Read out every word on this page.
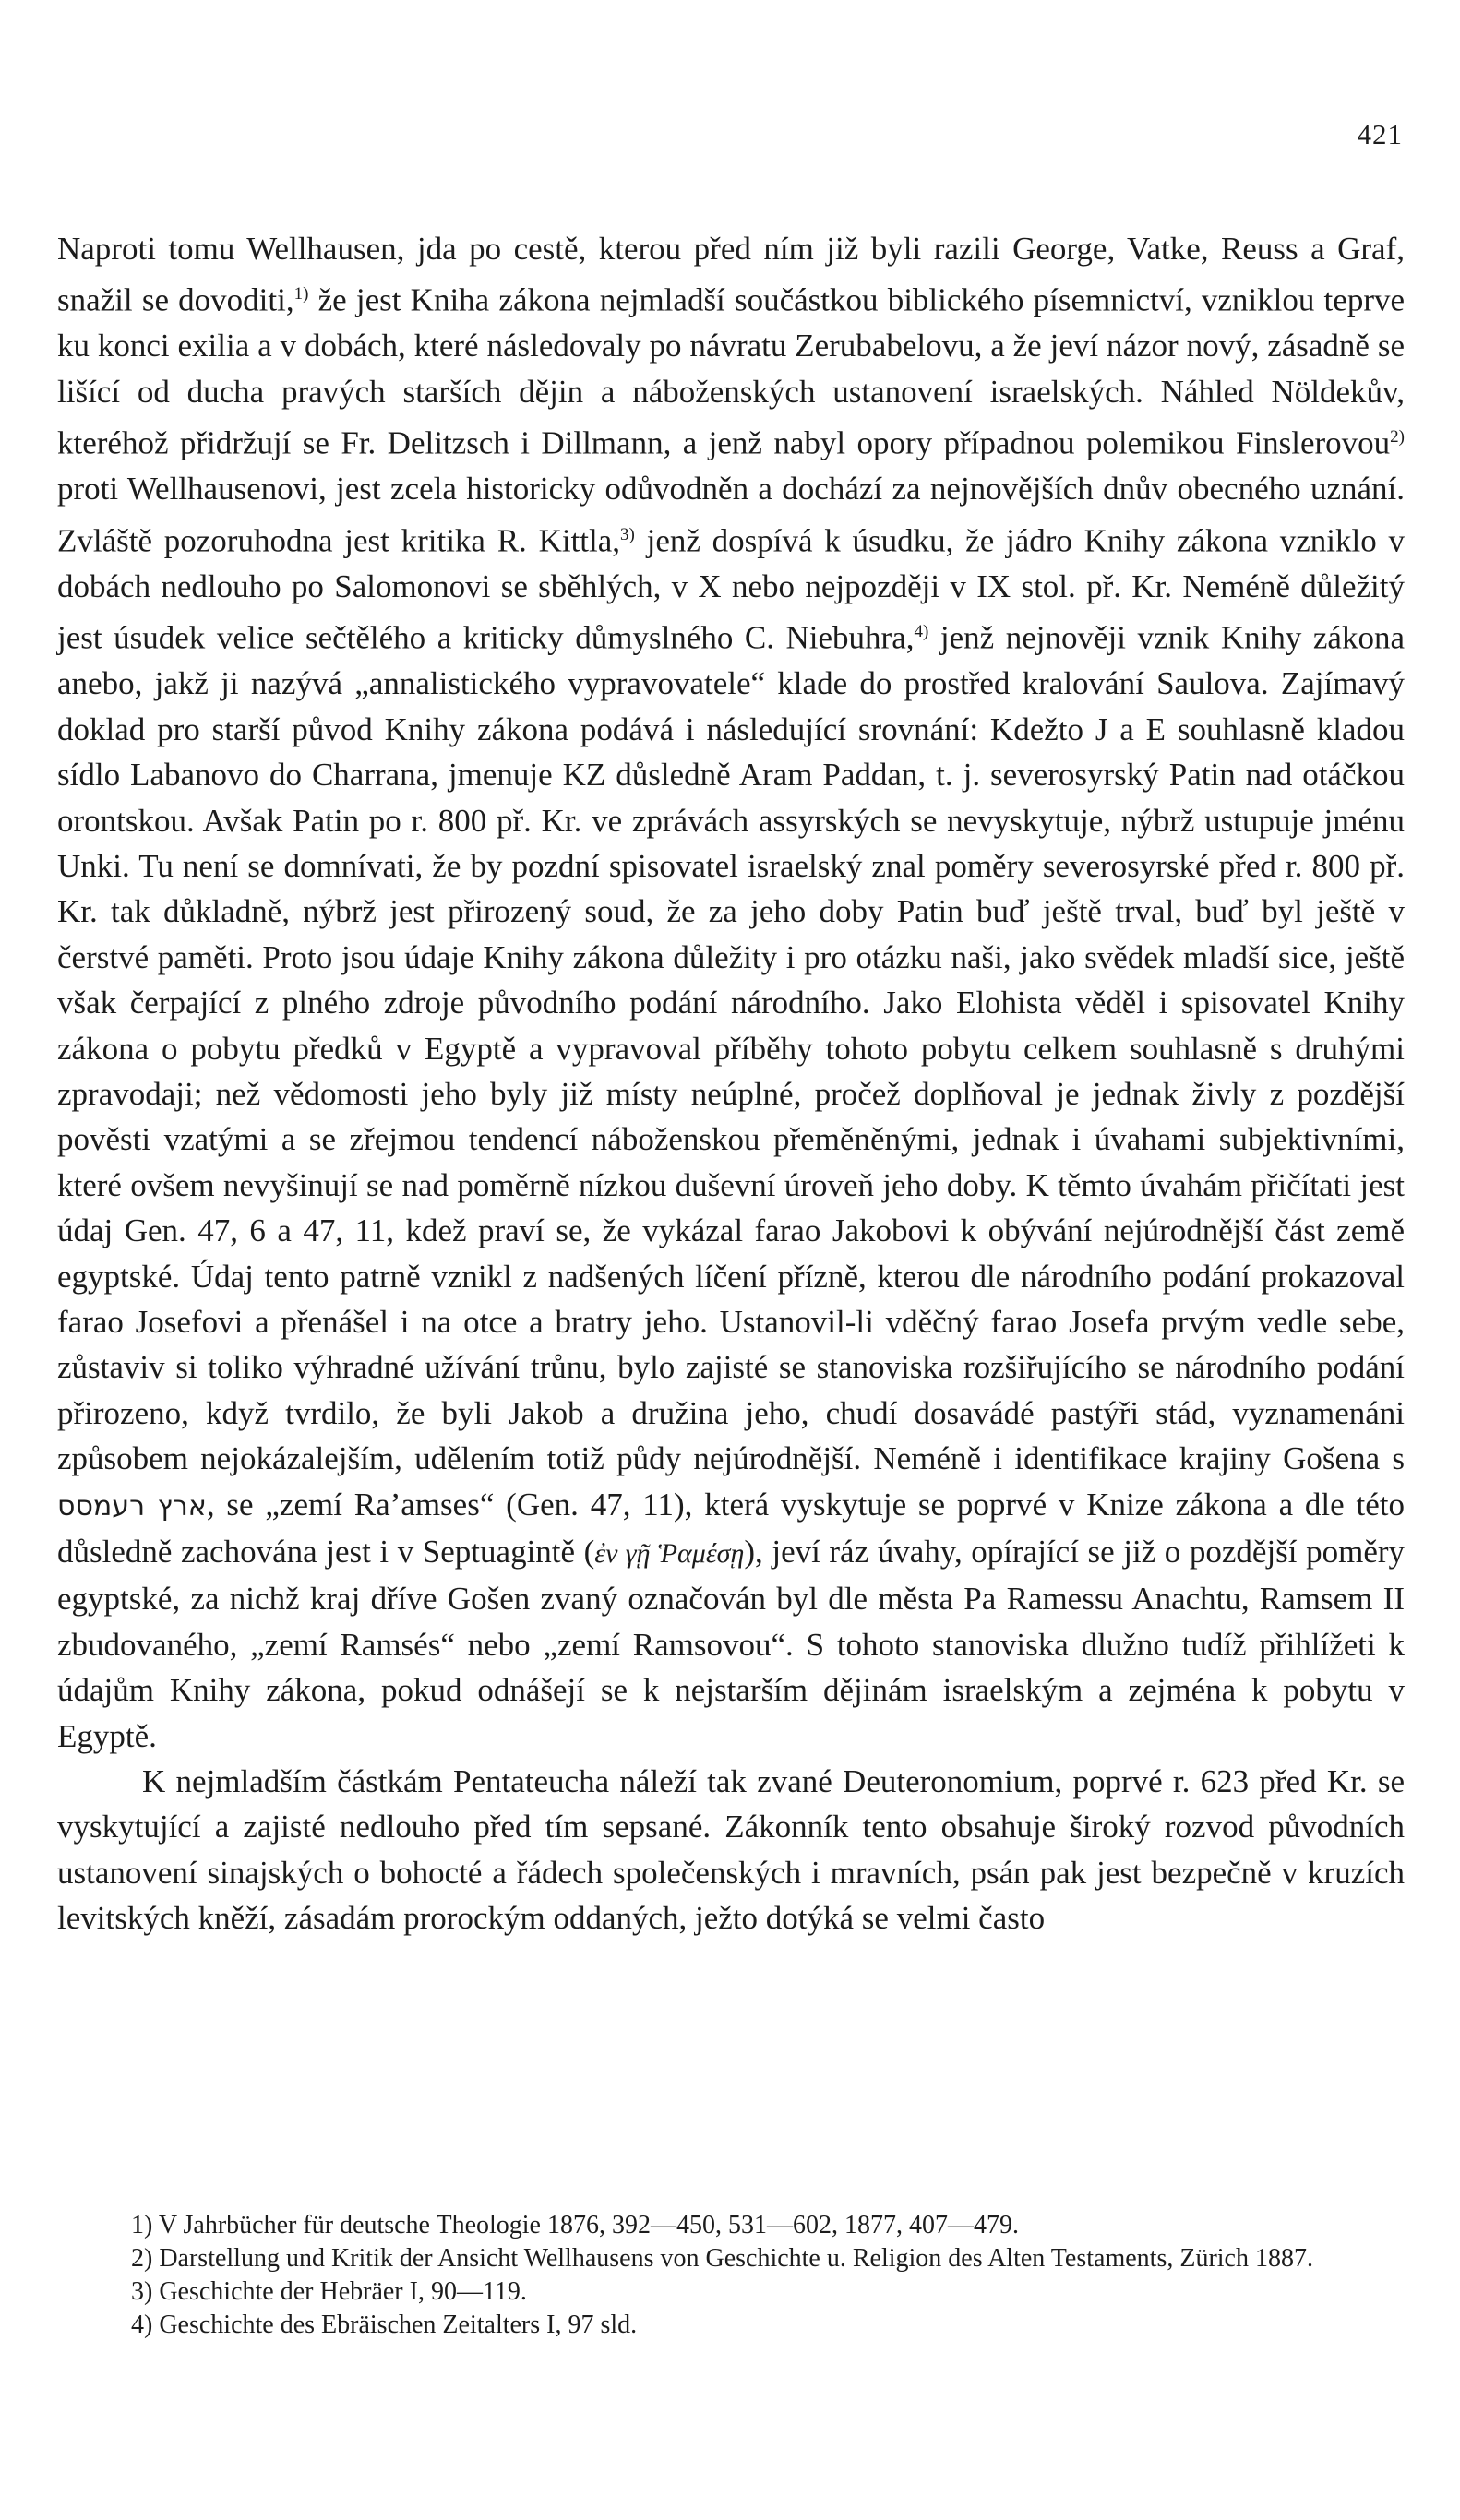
421

Naproti tomu Wellhausen, jda po cestě, kterou před ním již byli razili George, Vatke, Reuss a Graf, snažil se dovoditi,$^{1)}$ že jest Kniha zákona nejmladší součástkou biblického písemnictví, vzniklou teprve ku konci exilia a v dobách, které následovaly po návratu Zerubabelovu, a že jeví názor nový, zásadně se lišící od ducha pravých starších dějin a náboženských ustanovení israelských. Náhled Nöldekův, kteréhož přidržují se Fr. Delitzsch i Dillmann, a jenž nabyl opory případnou polemikou Finslerovou$^{2)}$ proti Wellhausenovi, jest zcela historicky odůvodněn a dochází za nejnovějších dnův obecného uznání. Zvláště pozoruhodna jest kritika R. Kittla,$^{3)}$ jenž dospívá k úsudku, že jádro Knihy zákona vzniklo v dobách nedlouho po Salomonovi se sběhlých, v X nebo nejpozději v IX stol. př. Kr. Neméně důležitý jest úsudek velice sečtělého a kriticky důmyslného C. Niebuhra,$^{4)}$ jenž nejnověji vznik Knihy zákona anebo, jakž ji nazývá „annalistického vypravovatele“ klade do prostřed kralování Saulova. Zajímavý doklad pro starší původ Knihy zákona podává i následující srovnání: Kdežto J a E souhlasně kladou sídlo Labanovo do Charrana, jmenuje KZ důsledně Aram Paddan, t. j. severosyrský Patin nad otáčkou orontskou. Avšak Patin po r. 800 př. Kr. ve zprávách assyrských se nevyskytuje, nýbrž ustupuje jménu Unki. Tu není se domnívati, že by pozdní spisovatel israelský znal poměry severosyrské před r. 800 př. Kr. tak důkladně, nýbrž jest přirozený soud, že za jeho doby Patin buď ještě trval, buď byl ještě v čerstvé paměti. Proto jsou údaje Knihy zákona důležity i pro otázku naši, jako svědek mladší sice, ještě však čerpající z plného zdroje původního podání národního. Jako Elohista věděl i spisovatel Knihy zákona o pobytu předků v Egyptě a vypravoval příběhy tohoto pobytu celkem souhlasně s druhými zpravodaji; než vědomosti jeho byly již místy neúplné, pročež doplňoval je jednak živly z pozdější pověsti vzatými a se zřejmou tendencí náboženskou přeměněnými, jednak i úvahami subjektivními, které ovšem nevyšinují se nad poměrně nízkou duševní úroveň jeho doby. K těmto úvahám přičítati jest údaj Gen. 47, 6 a 47, 11, kdež praví se, že vykázal farao Jakobovi k obývání nejúrodnější část země egyptské. Údaj tento patrně vznikl z nadšených líčení přízně, kterou dle národního podání prokazoval farao Josefovi a přenášel i na otce a bratry jeho. Ustanovil-li vděčný farao Josefa prvým vedle sebe, zůstaviv si toliko výhradné užívání trůnu, bylo zajisté se stanoviska rozšiřujícího se národního podání přirozeno, když tvrdilo, že byli Jakob a družina jeho, chudí dosavádé pastýři stád, vyznamenáni způsobem nejokázalejším, udělením totiž půdy nejúrodnější. Neméně i identifikace krajiny Gošena s ארץ רעמסס, se „zemí Ra’amses“ (Gen. 47, 11), která vyskytuje se poprvé v Knize zákona a dle této důsledně zachována jest i v Septuagintě (ἐν γῇ Ῥαμέσῃ), jeví ráz úvahy, opírající se již o pozdější poměry egyptské, za nichž kraj dříve Gošen zvaný označován byl dle města Pa Ramessu Anachtu, Ramsem II zbudovaného, „zemí Ramsés“ nebo „zemí Ramsovou“. S tohoto stanoviska dlužno tudíž přihlížeti k údajům Knihy zákona, pokud odnášejí se k nejstarším dějinám israelským a zejména k pobytu v Egyptě.

K nejmladším částkám Pentateucha náleží tak zvané Deuteronomium, poprvé r. 623 před Kr. se vyskytující a zajisté nedlouho před tím sepsané. Zákonník tento obsahuje široký rozvod původních ustanovení sinajských o bohocté a řádech společenských i mravních, psán pak jest bezpečně v kruzích levitských kněží, zásadám prorockým oddaných, ježto dotýká se velmi často

1) V Jahrbücher für deutsche Theologie 1876, 392—450, 531—602, 1877, 407—479.

2) Darstellung und Kritik der Ansicht Wellhausens von Geschichte u. Religion des Alten Testaments, Zürich 1887.

3) Geschichte der Hebräer I, 90—119.

4) Geschichte des Ebräischen Zeitalters I, 97 sld.
